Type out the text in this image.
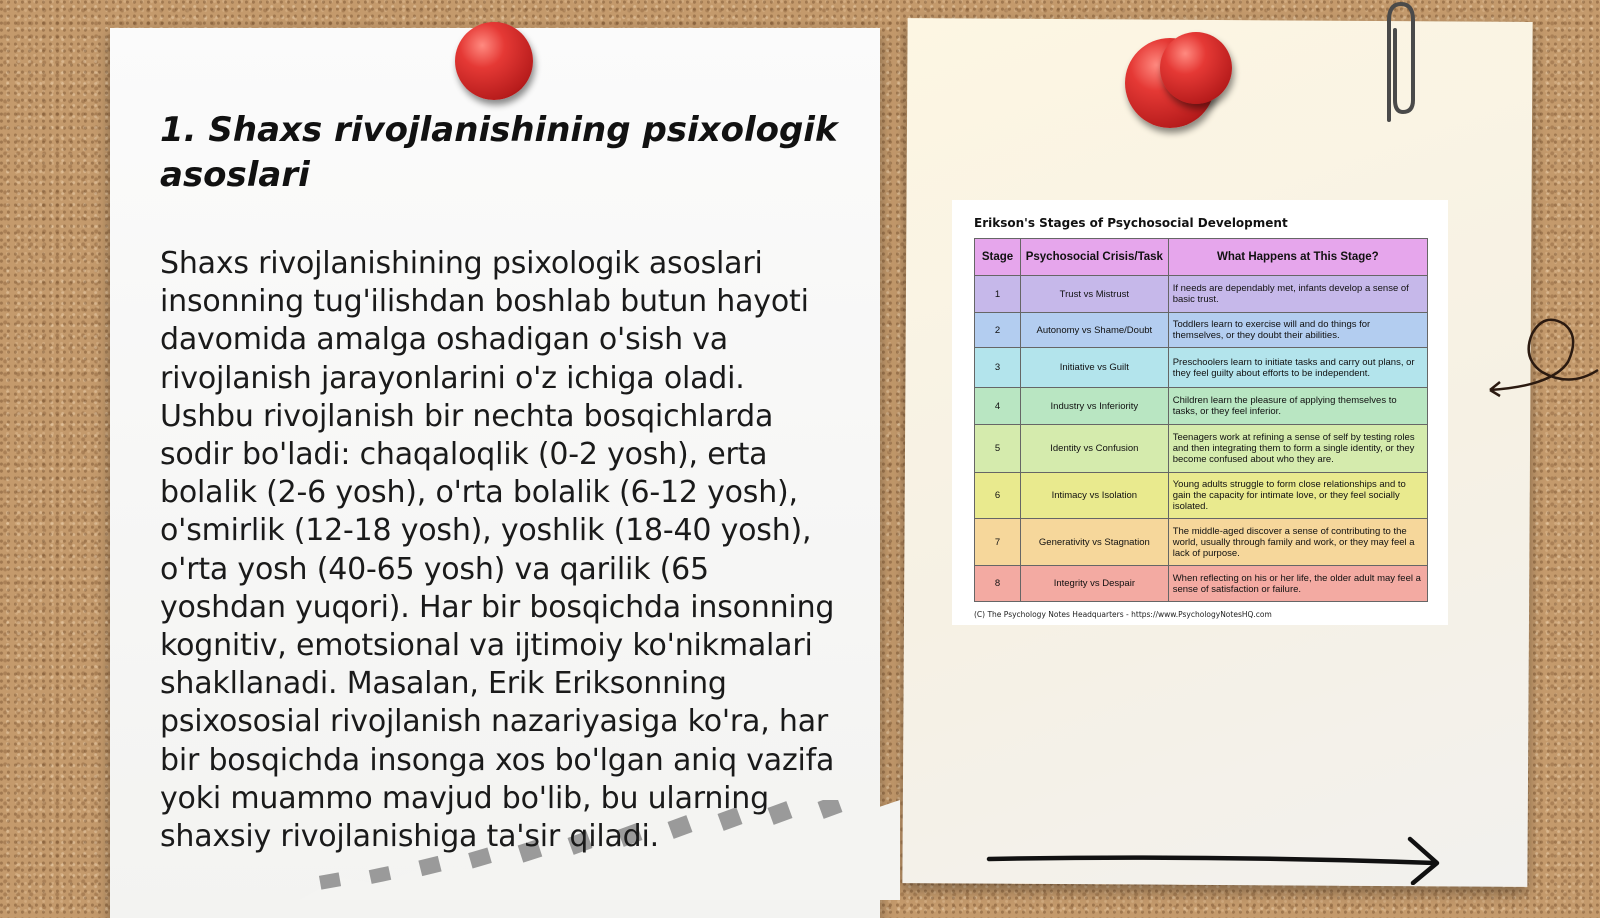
1. Shaxs rivojlanishining psixologik asoslari

Shaxs rivojlanishining psixologik asoslari insonning tug'ilishdan boshlab butun hayoti davomida amalga oshadigan o'sish va rivojlanish jarayonlarini o'z ichiga oladi. Ushbu rivojlanish bir nechta bosqichlarda sodir bo'ladi: chaqaloqlik (0-2 yosh), erta bolalik (2-6 yosh), o'rta bolalik (6-12 yosh), o'smirlik (12-18 yosh), yoshlik (18-40 yosh), o'rta yosh (40-65 yosh) va qarilik (65 yoshdan yuqori). Har bir bosqichda insonning kognitiv, emotsional va ijtimoiy ko'nikmalari shakllanadi. Masalan, Erik Eriksonning psixososial rivojlanish nazariyasiga ko'ra, har bir bosqichda insonga xos bo'lgan aniq vazifa yoki muammo mavjud bo'lib, bu ularning shaxsiy rivojlanishiga ta'sir qiladi.

Erikson's Stages of Psychosocial Development
Stage	Psychosocial Crisis/Task	What Happens at This Stage?
1	Trust vs Mistrust	If needs are dependably met, infants develop a sense of basic trust.
2	Autonomy vs Shame/Doubt	Toddlers learn to exercise will and do things for themselves, or they doubt their abilities.
3	Initiative vs Guilt	Preschoolers learn to initiate tasks and carry out plans, or they feel guilty about efforts to be independent.
4	Industry vs Inferiority	Children learn the pleasure of applying themselves to tasks, or they feel inferior.
5	Identity vs Confusion	Teenagers work at refining a sense of self by testing roles and then integrating them to form a single identity, or they become confused about who they are.
6	Intimacy vs Isolation	Young adults struggle to form close relationships and to gain the capacity for intimate love, or they feel socially isolated.
7	Generativity vs Stagnation	The middle-aged discover a sense of contributing to the world, usually through family and work, or they may feel a lack of purpose.
8	Integrity vs Despair	When reflecting on his or her life, the older adult may feel a sense of satisfaction or failure.
(C) The Psychology Notes Headquarters - https://www.PsychologyNotesHQ.com
